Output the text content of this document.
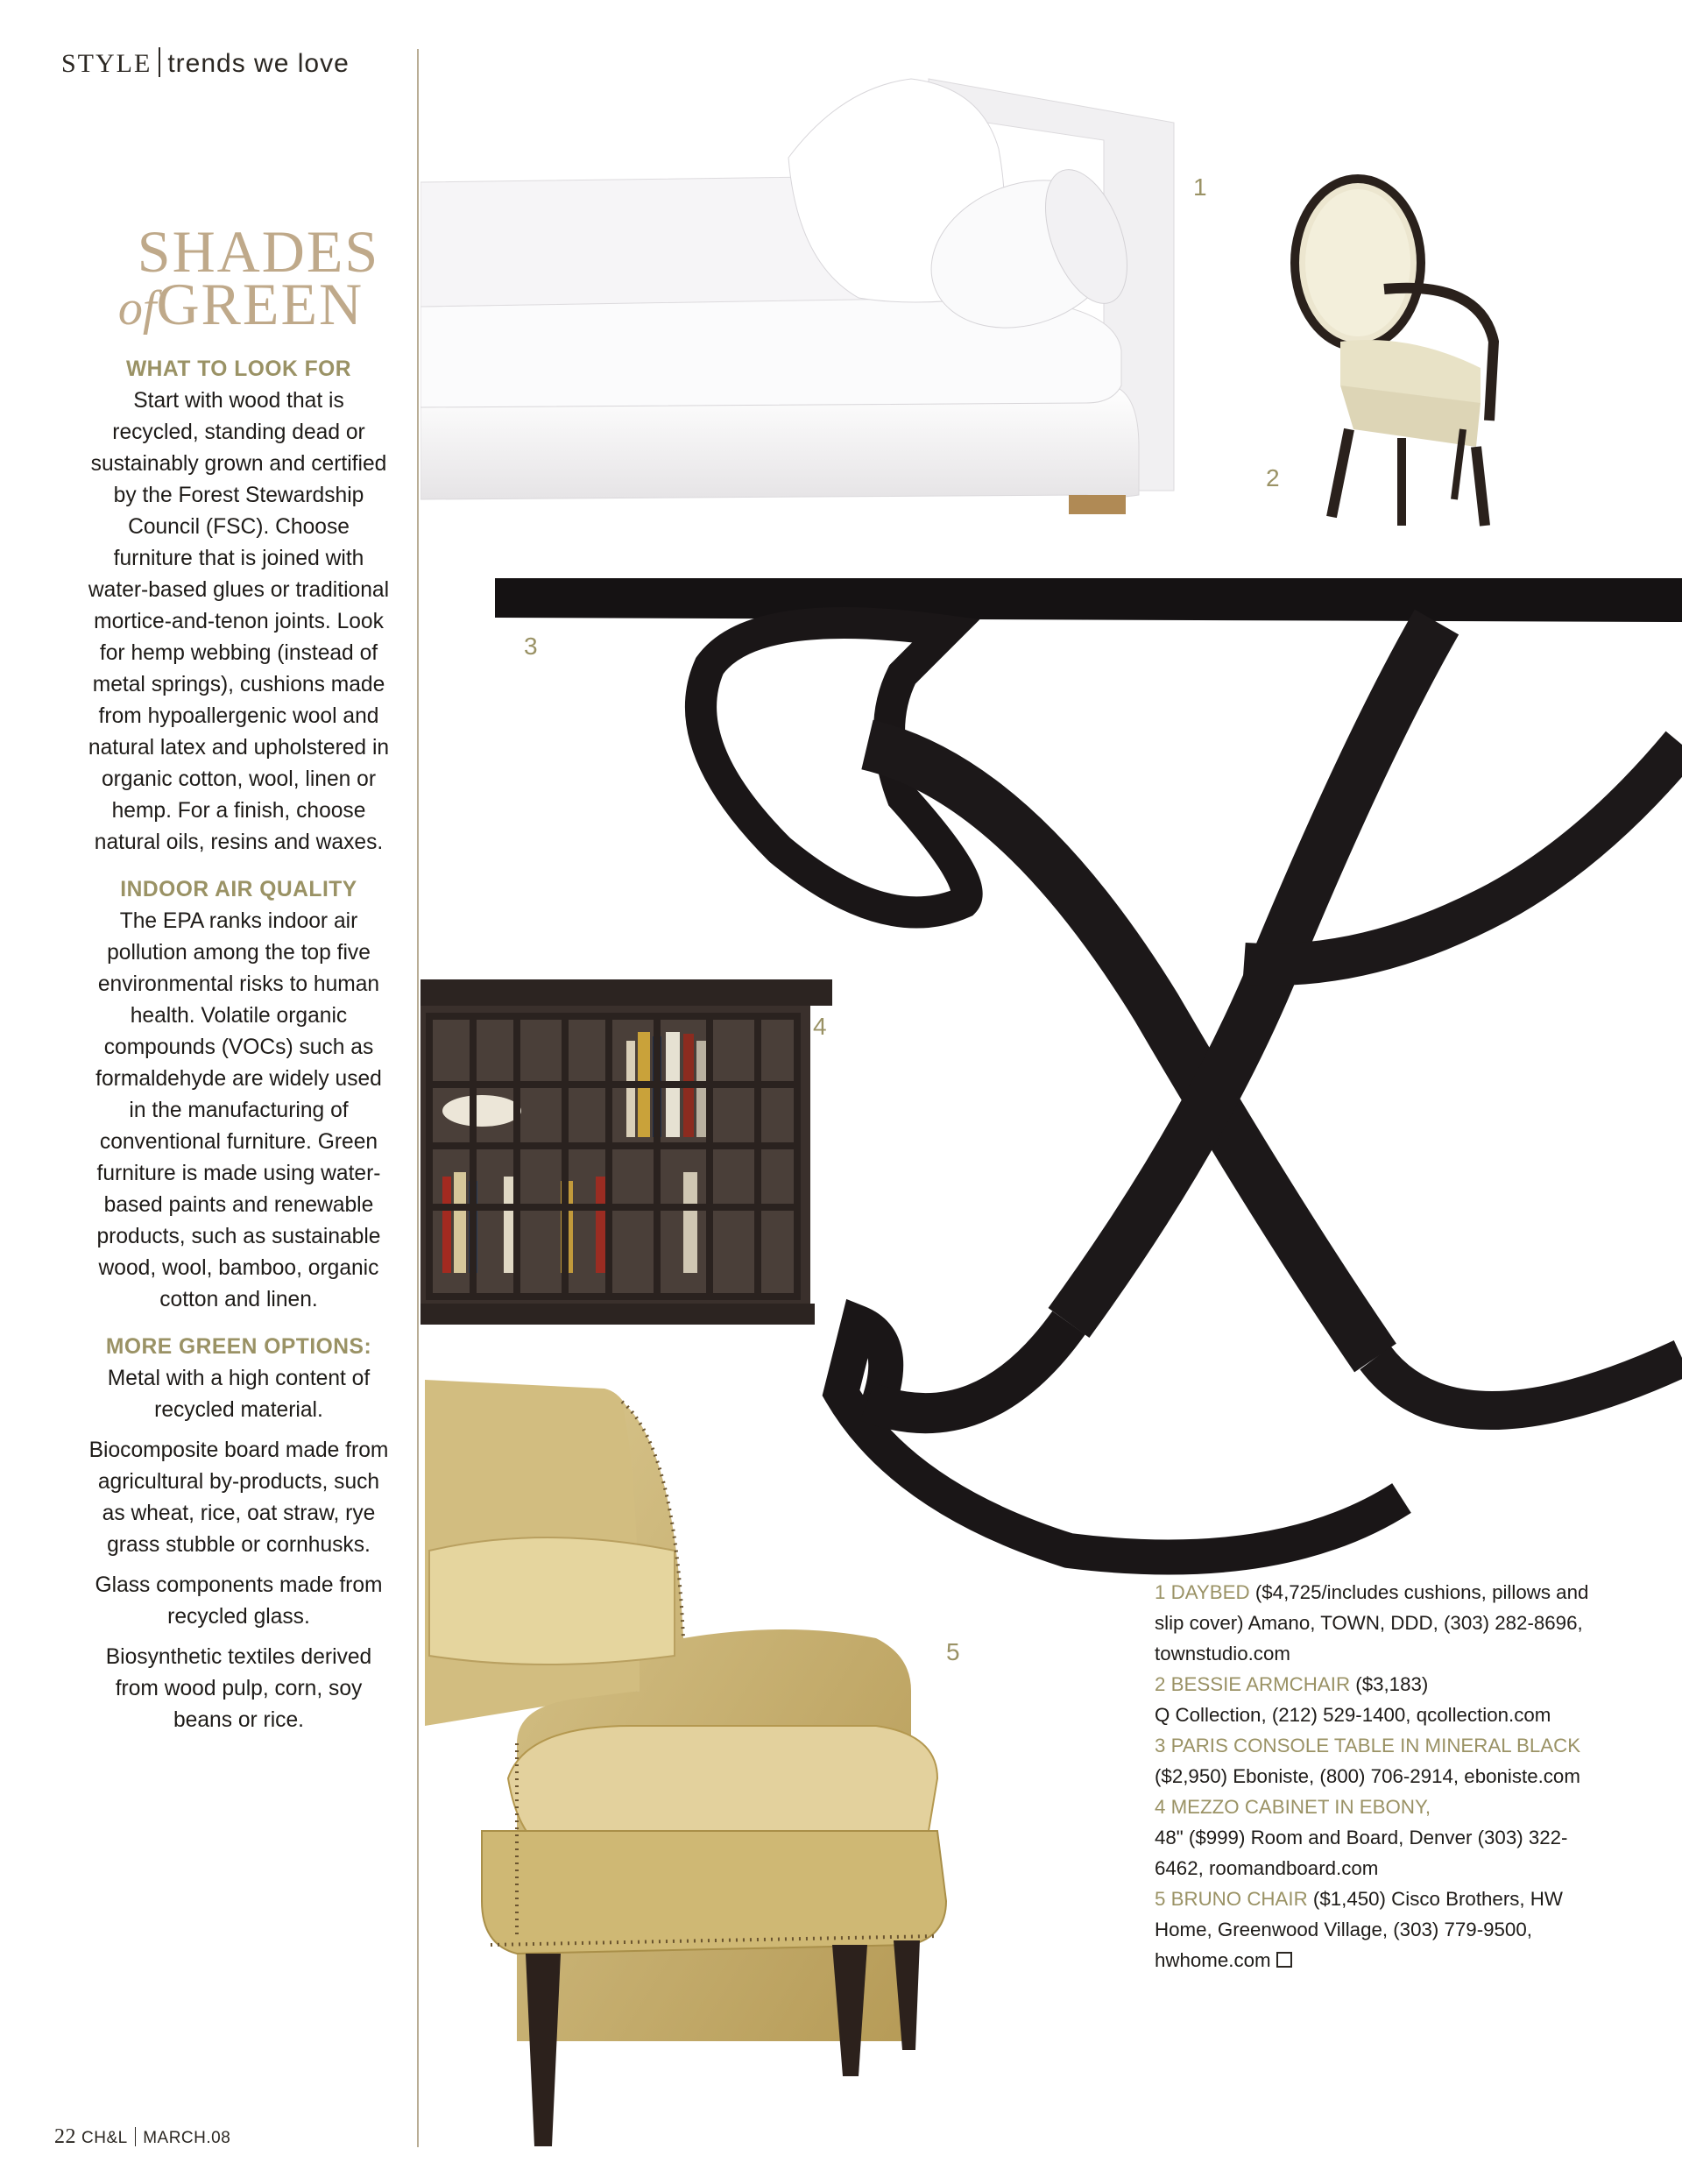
STYLE trends we love
SHADES
ofGREEN
WHAT TO LOOK FOR

Start with wood that is recycled, standing dead or sustainably grown and certified by the Forest Stewardship Council (FSC). Choose furniture that is joined with water-based glues or traditional mortice-and-tenon joints. Look for hemp webbing (instead of metal springs), cushions made from hypoallergenic wool and natural latex and upholstered in organic cotton, wool, linen or hemp. For a finish, choose natural oils, resins and waxes.

INDOOR AIR QUALITY

The EPA ranks indoor air pollution among the top five environmental risks to human health. Volatile organic compounds (VOCs) such as formaldehyde are widely used in the manufacturing of conventional furniture. Green furniture is made using water-based paints and renewable products, such as sustainable wood, wool, bamboo, organic cotton and linen.

MORE GREEN OPTIONS:

Metal with a high content of recycled material.

Biocomposite board made from agricultural by-products, such as wheat, rice, oat straw, rye grass stubble or cornhusks.

Glass components made from recycled glass.

Biosynthetic textiles derived from wood pulp, corn, soy beans or rice.

1
2
3
4
5

1 DAYBED ($4,725/includes cushions, pillows and slip cover) Amano, TOWN, DDD, (303) 282-8696, townstudio.com

2 BESSIE ARMCHAIR ($3,183)
Q Collection, (212) 529-1400, qcollection.com

3 PARIS CONSOLE TABLE IN MINERAL BLACK ($2,950) Eboniste, (800) 706-2914, eboniste.com

4 MEZZO CABINET IN EBONY,
48" ($999) Room and Board, Denver (303) 322-6462, roomandboard.com

5 BRUNO CHAIR ($1,450) Cisco Brothers, HW Home, Greenwood Village, (303) 779-9500, hwhome.com

22 CH&L MARCH.08
